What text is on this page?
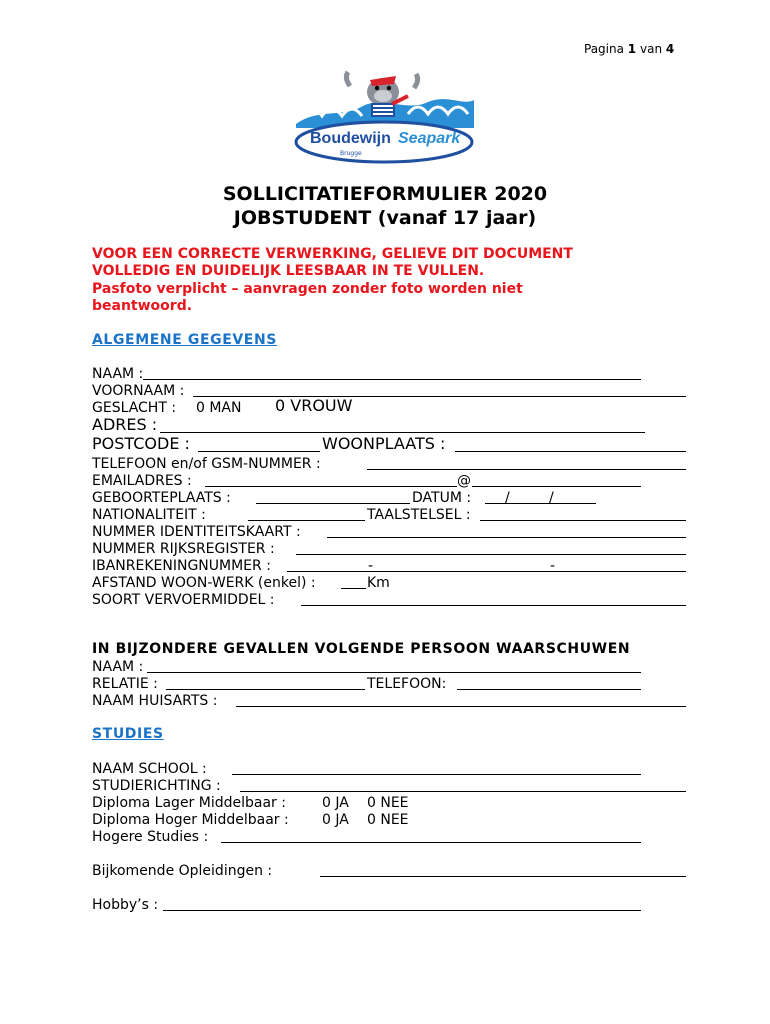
Pagina 1 van 4
Boudewijn Seapark
Brugge
SOLLICITATIEFORMULIER 2020
JOBSTUDENT (vanaf 17 jaar)
VOOR EEN CORRECTE VERWERKING, GELIEVE DIT DOCUMENT
VOLLEDIG EN DUIDELIJK LEESBAAR IN TE VULLEN.
Pasfoto verplicht – aanvragen zonder foto worden niet
beantwoord.
ALGEMENE GEGEVENS
NAAM :
VOORNAAM :
GESLACHT : 0 MAN 0 VROUW
ADRES :
POSTCODE :	WOONPLAATS :
TELEFOON en/of GSM-NUMMER :
EMAILADRES :	@
GEBOORTEPLAATS :	DATUM : /	/
NATIONALITEIT :	TAALSTELSEL :
NUMMER IDENTITEITSKAART :
NUMMER RIJKSREGISTER :
IBANREKENINGNUMMER :	-	-
AFSTAND WOON-WERK (enkel) :	Km
SOORT VERVOERMIDDEL :
IN BIJZONDERE GEVALLEN VOLGENDE PERSOON WAARSCHUWEN
NAAM :
RELATIE :	TELEFOON:
NAAM HUISARTS :
STUDIES
NAAM SCHOOL :
STUDIERICHTING :
Diploma Lager Middelbaar :	0 JA 0 NEE
Diploma Hoger Middelbaar : 0 JA 0 NEE
Hogere Studies :
Bijkomende Opleidingen :
Hobby’s :
